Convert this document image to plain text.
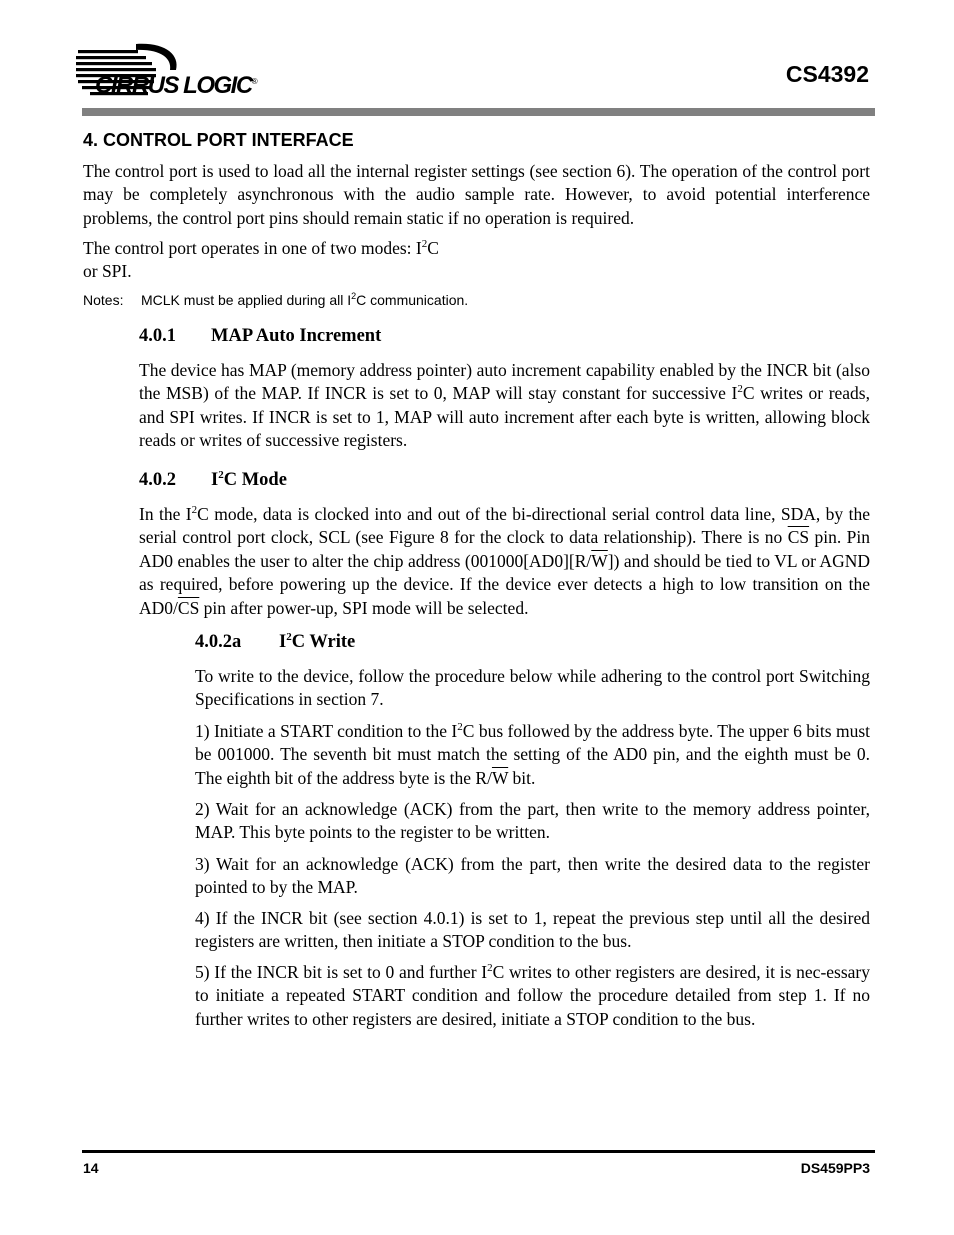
CIRRUS LOGIC®	CS4392
4. CONTROL PORT INTERFACE
The control port is used to load all the internal register settings (see section 6). The operation of the control port may be completely asynchronous with the audio sample rate. However, to avoid potential interference problems, the control port pins should remain static if no operation is required.
The control port operates in one of two modes: $I^2C$
or SPI.
Notes: MCLK must be applied during all $I^2C$ communication.
4.0.1 MAP Auto Increment
The device has MAP (memory address pointer) auto increment capability enabled by the INCR bit (also the MSB) of the MAP. If INCR is set to 0, MAP will stay constant for successive $I^2C$ writes or reads, and SPI writes. If INCR is set to 1, MAP will auto increment after each byte is written, allowing block reads or writes of successive registers.
4.0.2 $I^2C$ Mode
In the $I^2C$ mode, data is clocked into and out of the bi-directional serial control data line, SDA, by the serial control port clock, SCL (see Figure 8 for the clock to data relationship). There is no $\overline{CS}$ pin. Pin AD0 enables the user to alter the chip address $(001000[AD0][R/\overline{W}])$ and should be tied to VL or AGND as required, before powering up the device. If the device ever detects a high to low transition on the $AD0/\overline{CS}$ pin after power-up, SPI mode will be selected.
4.0.2a $I^2C$ Write
To write to the device, follow the procedure below while adhering to the control port Switching Specifications in section 7.
1) Initiate a START condition to the $I^2C$ bus followed by the address byte. The upper 6 bits must be 001000. The seventh bit must match the setting of the AD0 pin, and the eighth must be 0. The eighth bit of the address byte is the $R/\overline{W}$ bit.
2) Wait for an acknowledge (ACK) from the part, then write to the memory address pointer, MAP. This byte points to the register to be written.
3) Wait for an acknowledge (ACK) from the part, then write the desired data to the register pointed to by the MAP.
4) If the INCR bit (see section 4.0.1) is set to 1, repeat the previous step until all the desired registers are written, then initiate a STOP condition to the bus.
5) If the INCR bit is set to 0 and further $I^2C$ writes to other registers are desired, it is nec-essary to initiate a repeated START condition and follow the procedure detailed from step 1. If no further writes to other registers are desired, initiate a STOP condition to the bus.
14	DS459PP3
